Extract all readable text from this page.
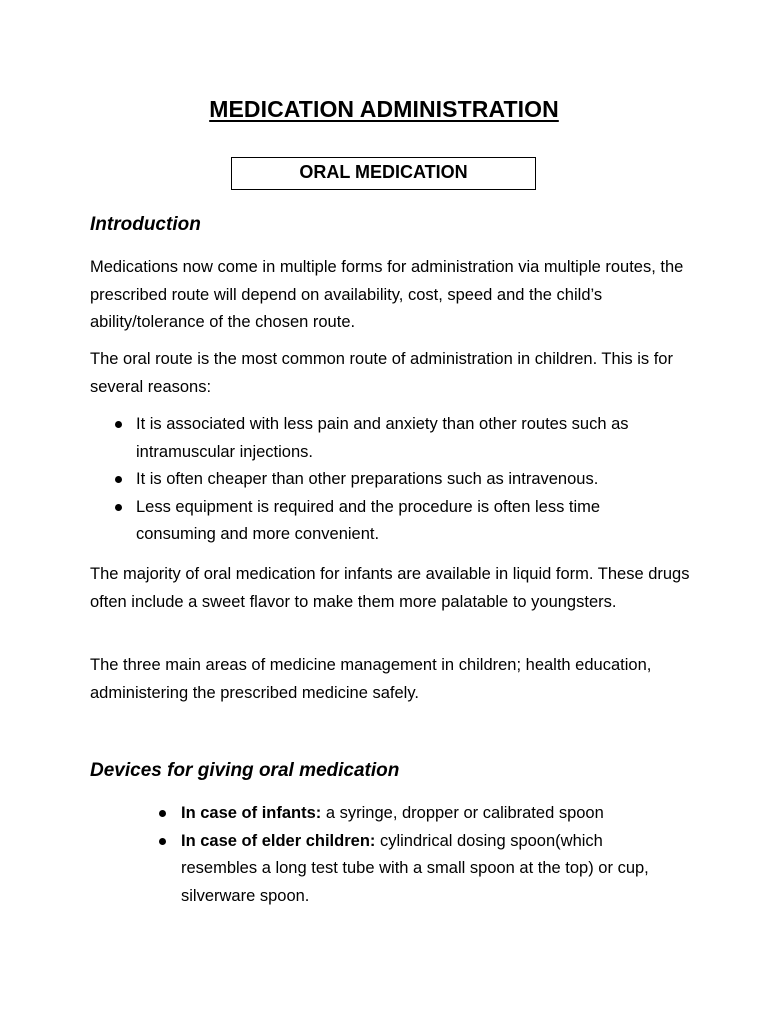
MEDICATION ADMINISTRATION
ORAL MEDICATION
Introduction

Medications now come in multiple forms for administration via multiple routes, the prescribed route will depend on availability, cost, speed and the child’s ability/tolerance of the chosen route.

The oral route is the most common route of administration in children. This is for several reasons:

It is associated with less pain and anxiety than other routes such as intramuscular injections.
It is often cheaper than other preparations such as intravenous.
Less equipment is required and the procedure is often less time consuming and more convenient.

The majority of oral medication for infants are available in liquid form. These drugs often include a sweet flavor to make them more palatable to youngsters.

The three main areas of medicine management in children; health education, administering the prescribed medicine safely.

Devices for giving oral medication
In case of infants: a syringe, dropper or calibrated spoon
In case of elder children: cylindrical dosing spoon(which resembles a long test tube with a small spoon at the top) or cup, silverware spoon.
